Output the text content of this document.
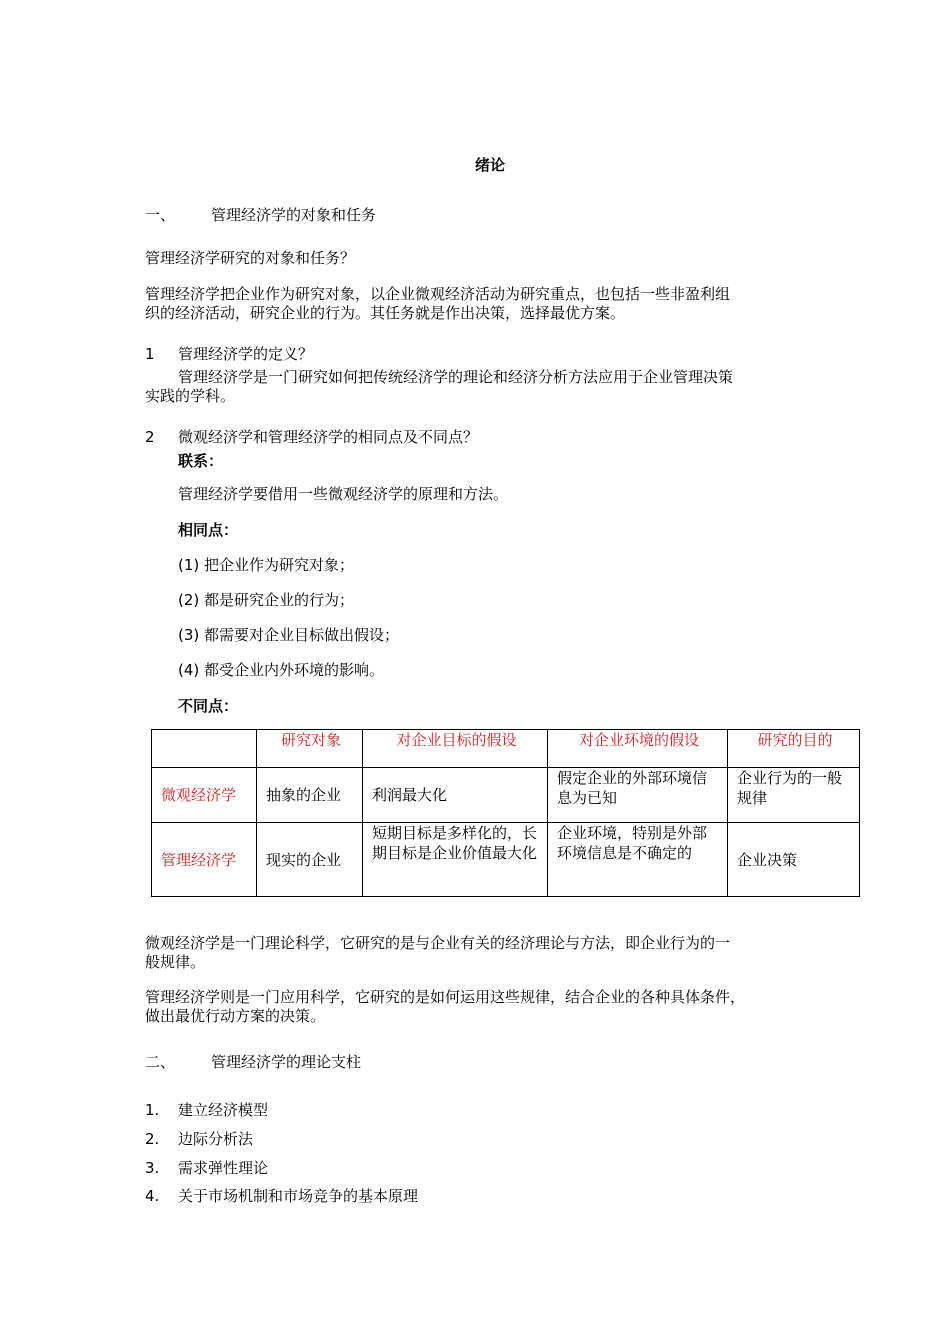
绪论
一、 管理经济学的对象和任务
管理经济学研究的对象和任务？
管理经济学把企业作为研究对象，以企业微观经济活动为研究重点，也包括一些非盈利组
织的经济活动，研究企业的行为。其任务就是作出决策，选择最优方案。
1 管理经济学的定义？
管理经济学是一门研究如何把传统经济学的理论和经济分析方法应用于企业管理决策
实践的学科。
2 微观经济学和管理经济学的相同点及不同点？
联系：
管理经济学要借用一些微观经济学的原理和方法。
相同点：
(1) 把企业作为研究对象；
(2) 都是研究企业的行为；
(3) 都需要对企业目标做出假设；
(4) 都受企业内外环境的影响。
不同点：
	研究对象	对企业目标的假设	对企业环境的假设	研究的目的
微观经济学	抽象的企业	利润最大化	假定企业的外部环境信息为已知	企业行为的一般规律
管理经济学	现实的企业	短期目标是多样化的，长期目标是企业价值最大化	企业环境，特别是外部环境信息是不确定的	企业决策
微观经济学是一门理论科学，它研究的是与企业有关的经济理论与方法，即企业行为的一
般规律。
管理经济学则是一门应用科学，它研究的是如何运用这些规律，结合企业的各种具体条件，
做出最优行动方案的决策。
二、 管理经济学的理论支柱
1. 建立经济模型
2. 边际分析法
3. 需求弹性理论
4. 关于市场机制和市场竞争的基本原理
